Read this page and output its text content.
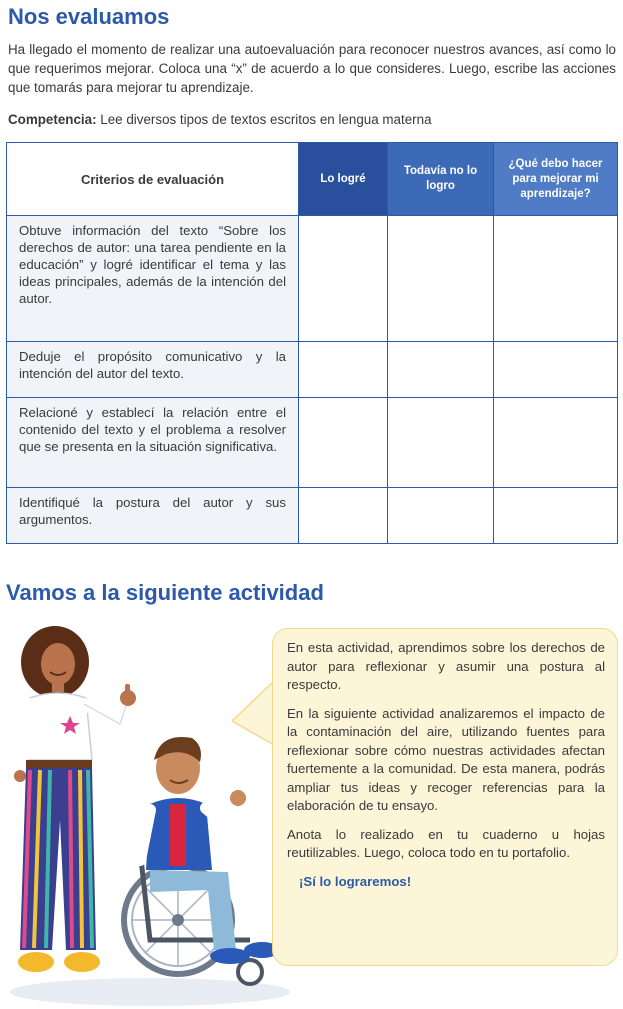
Nos evaluamos
Ha llegado el momento de realizar una autoevaluación para reconocer nuestros avances, así como lo que requerimos mejorar. Coloca una “x” de acuerdo a lo que consideres. Luego, escribe las acciones que tomarás para mejorar tu aprendizaje.
Competencia: Lee diversos tipos de textos escritos en lengua materna
Criterios de evaluación	Lo logré	Todavía no lo logro	¿Qué debo hacer para mejorar mi aprendizaje?
Obtuve información del texto “Sobre los derechos de autor: una tarea pendiente en la educación” y logré identificar el tema y las ideas principales, además de la intención del autor.			
Deduje el propósito comunicativo y la intención del autor del texto.			
Relacioné y establecí la relación entre el contenido del texto y el problema a resolver que se presenta en la situación significativa.			
Identifiqué la postura del autor y sus argumentos.			
Vamos a la siguiente actividad

En esta actividad, aprendimos sobre los derechos de autor para reflexionar y asumir una postura al respecto.

En la siguiente actividad analizaremos el impacto de la contaminación del aire, utilizando fuentes para reflexionar sobre cómo nuestras actividades afectan fuertemente a la comunidad. De esta manera, podrás ampliar tus ideas y recoger referencias para la elaboración de tu ensayo.

Anota lo realizado en tu cuaderno u hojas reutilizables. Luego, coloca todo en tu portafolio.

¡Sí lo lograremos!
